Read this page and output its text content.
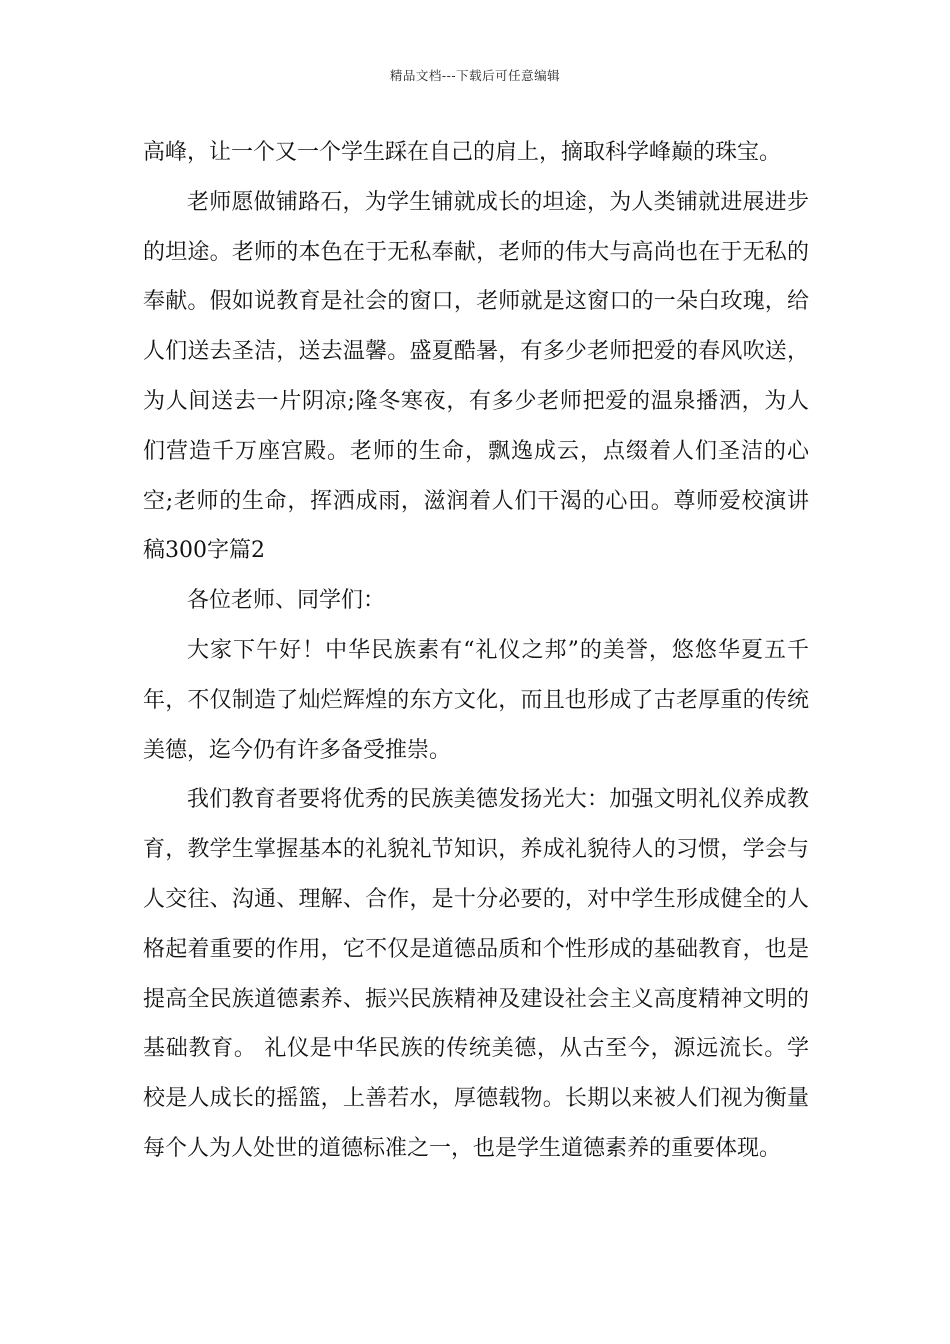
精品文档---下载后可任意编辑

高峰，让一个又一个学生踩在自己的肩上，摘取科学峰巅的珠宝。

老师愿做铺路石，为学生铺就成长的坦途，为人类铺就进展进步的坦途。老师的本色在于无私奉献，老师的伟大与高尚也在于无私的奉献。假如说教育是社会的窗口，老师就是这窗口的一朵白玫瑰，给人们送去圣洁，送去温馨。盛夏酷暑，有多少老师把爱的春风吹送，为人间送去一片阴凉;隆冬寒夜，有多少老师把爱的温泉播洒，为人们营造千万座宫殿。老师的生命，飘逸成云，点缀着人们圣洁的心空;老师的生命，挥洒成雨，滋润着人们干渴的心田。尊师爱校演讲稿300字篇2

各位老师、同学们：

大家下午好！中华民族素有“礼仪之邦”的美誉，悠悠华夏五千年，不仅制造了灿烂辉煌的东方文化，而且也形成了古老厚重的传统美德，迄今仍有许多备受推崇。

我们教育者要将优秀的民族美德发扬光大：加强文明礼仪养成教育，教学生掌握基本的礼貌礼节知识，养成礼貌待人的习惯，学会与人交往、沟通、理解、合作，是十分必要的，对中学生形成健全的人格起着重要的作用，它不仅是道德品质和个性形成的基础教育，也是提高全民族道德素养、振兴民族精神及建设社会主义高度精神文明的基础教育。 礼仪是中华民族的传统美德，从古至今，源远流长。学校是人成长的摇篮，上善若水，厚德载物。长期以来被人们视为衡量每个人为人处世的道德标准之一，也是学生道德素养的重要体现。
